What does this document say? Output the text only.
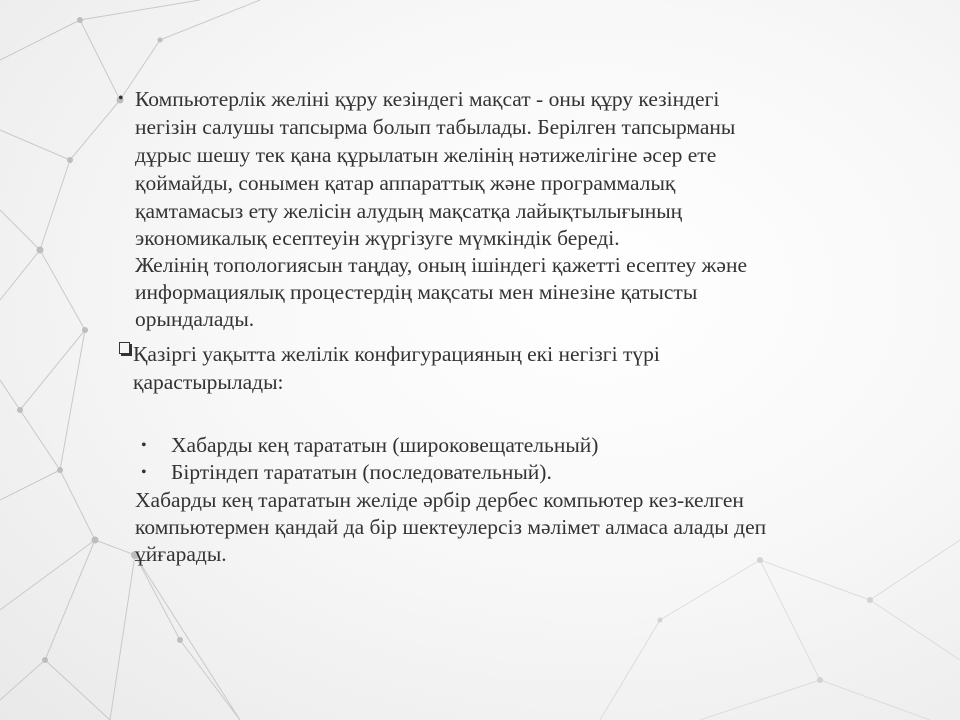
• Компьютерлік желіні құру кезіндегі мақсат - оны құру кезіндегі
негізін салушы тапсырма болып табылады. Берілген тапсырманы
дұрыс шешу тек қана құрылатын желінің нәтижелігіне әсер ете
қоймайды, сонымен қатар аппараттық және программалық
қамтамасыз ету желісін алудың мақсатқа лайықтылығының
экономикалық есептеуін жүргізуге мүмкіндік береді.
Желінің топологиясын таңдау, оның ішіндегі қажетті есептеу және
информациялық процестердің мақсаты мен мінезіне қатысты
орындалады.
Қазіргі уақытта желілік конфигурацияның екі негізгі түрі
қарастырылады:
• Хабарды кең тарататын (широковещательный)
• Біртіндеп тарататын (последовательный).
Хабарды кең тарататын желіде әрбір дербес компьютер кез-келген
компьютермен қандай да бір шектеулерсіз мәлімет алмаса алады деп
ұйғарады.
